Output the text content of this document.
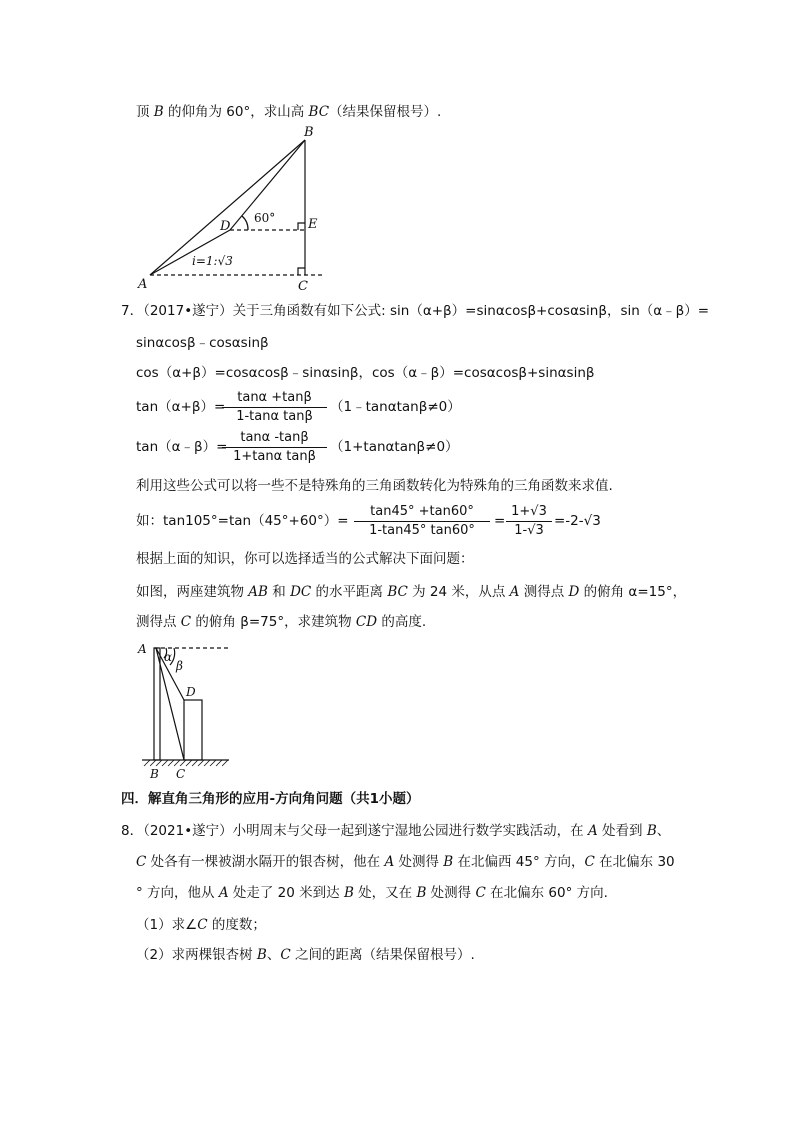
顶 B 的仰角为 60°，求山高 BC（结果保留根号）.
A
B
C
D	E
60°
i=1:√3
7．（2017•遂宁）关于三角函数有如下公式: sin（α+β）=sinαcosβ+cosαsinβ，sin（α﹣β）=
sinαcosβ﹣cosαsinβ
cos（α+β）=cosαcosβ﹣sinαsinβ，cos（α﹣β）=cosαcosβ+sinαsinβ
tan（α+β）=
tanα +tanβ
1-tanα tanβ
（1﹣tanαtanβ≠0）
tan（α﹣β）=
tanα -tanβ
1+tanα tanβ
（1+tanαtanβ≠0）
利用这些公式可以将一些不是特殊角的三角函数转化为特殊角的三角函数来求值.
如：tan105°=tan（45°+60°）=
tan45° +tan60°
1-tan45° tan60°
=
1+√3
1-√3
=-2-√3
根据上面的知识，你可以选择适当的公式解决下面问题：
如图，两座建筑物 AB 和 DC 的水平距离 BC 为 24 米，从点 A 测得点 D 的俯角 α=15°，
测得点 C 的俯角 β=75°，求建筑物 CD 的高度.
A
α
β
D
B C
四．解直角三角形的应用-方向角问题（共1小题）
8．（2021•遂宁）小明周末与父母一起到遂宁湿地公园进行数学实践活动，在 A 处看到 B、
C 处各有一棵被湖水隔开的银杏树，他在 A 处测得 B 在北偏西 45° 方向，C 在北偏东 30
° 方向，他从 A 处走了 20 米到达 B 处，又在 B 处测得 C 在北偏东 60° 方向.
（1）求∠C 的度数；
（2）求两棵银杏树 B、C 之间的距离（结果保留根号）.
